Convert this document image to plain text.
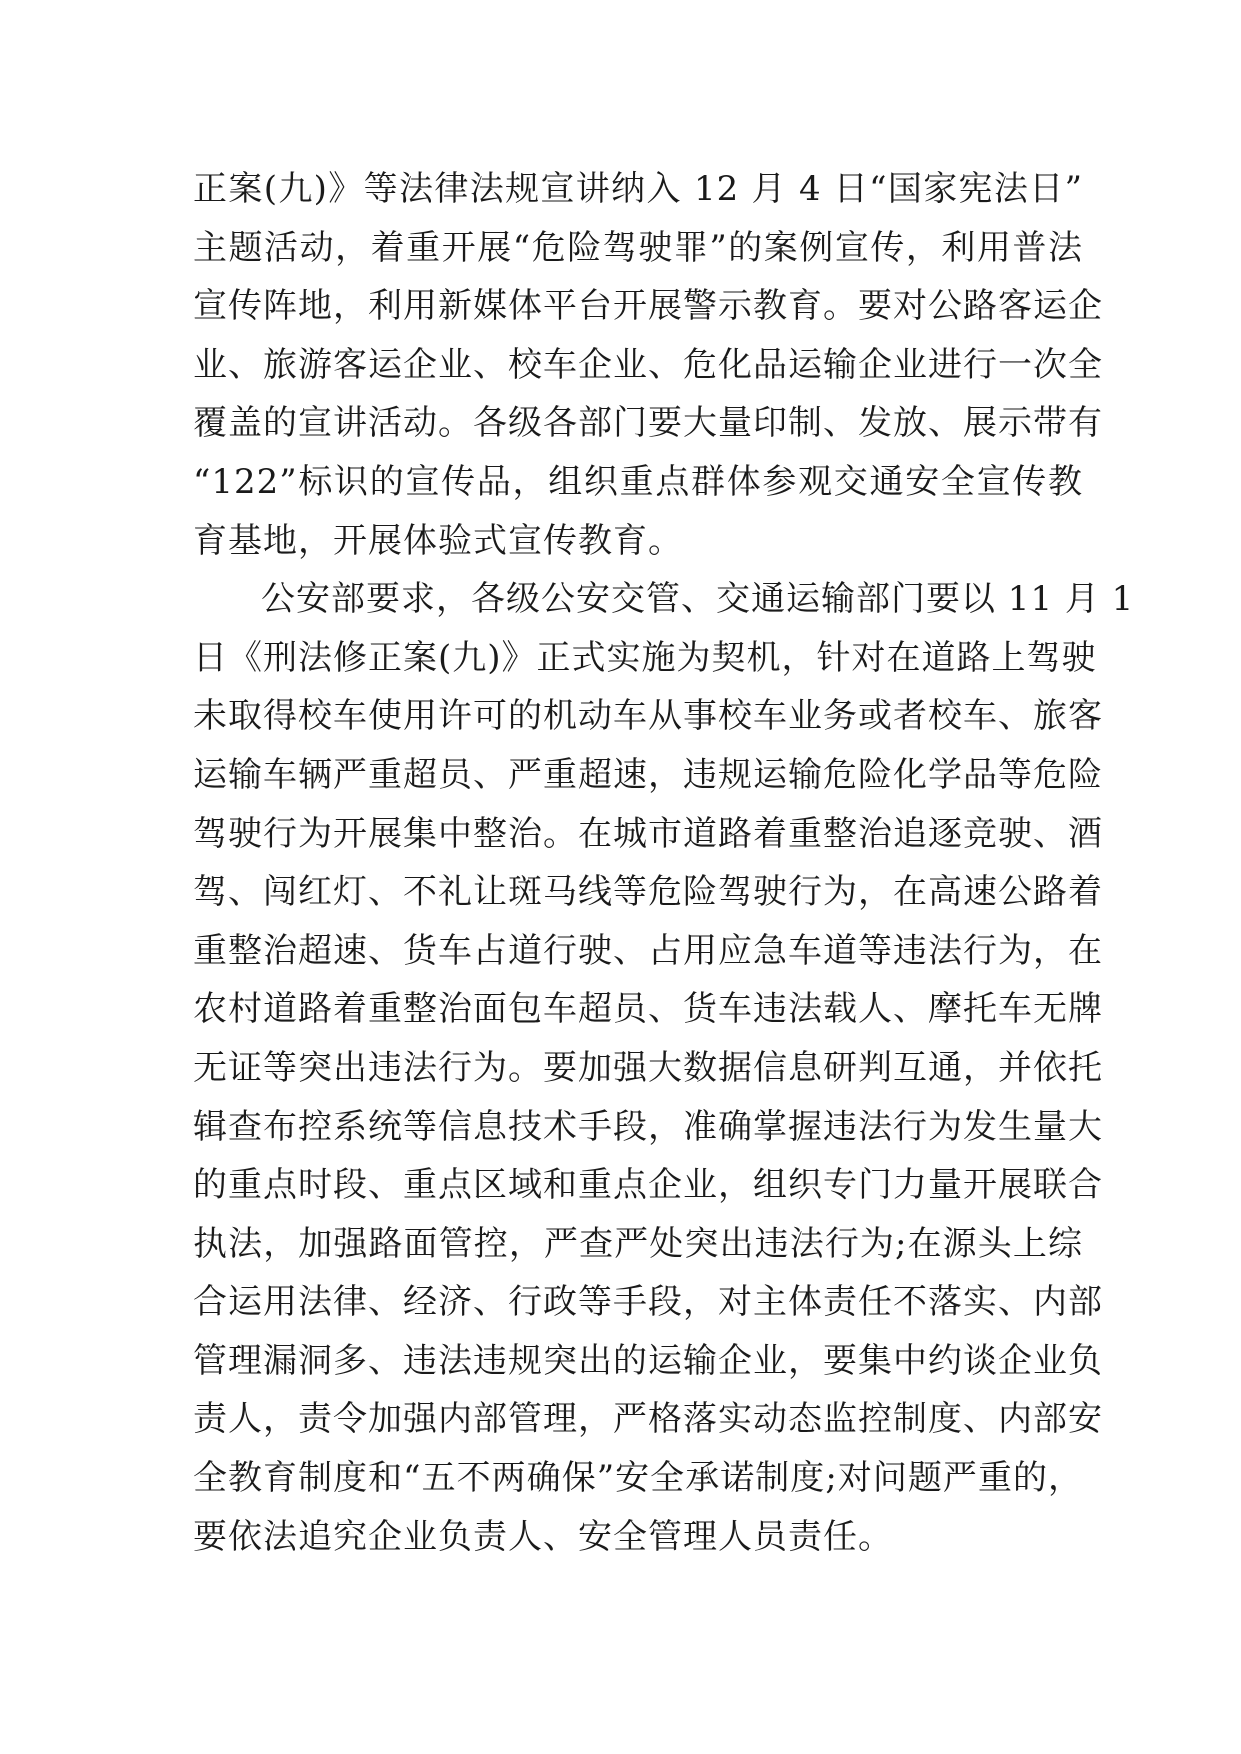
正案(九)》等法律法规宣讲纳入 12 月 4 日“国家宪法日”
主题活动，着重开展“危险驾驶罪”的案例宣传，利用普法
宣传阵地，利用新媒体平台开展警示教育。要对公路客运企
业、旅游客运企业、校车企业、危化品运输企业进行一次全
覆盖的宣讲活动。各级各部门要大量印制、发放、展示带有
“122”标识的宣传品，组织重点群体参观交通安全宣传教
育基地，开展体验式宣传教育。
公安部要求，各级公安交管、交通运输部门要以 11 月 1
日《刑法修正案(九)》正式实施为契机，针对在道路上驾驶
未取得校车使用许可的机动车从事校车业务或者校车、旅客
运输车辆严重超员、严重超速，违规运输危险化学品等危险
驾驶行为开展集中整治。在城市道路着重整治追逐竞驶、酒
驾、闯红灯、不礼让斑马线等危险驾驶行为，在高速公路着
重整治超速、货车占道行驶、占用应急车道等违法行为，在
农村道路着重整治面包车超员、货车违法载人、摩托车无牌
无证等突出违法行为。要加强大数据信息研判互通，并依托
辑查布控系统等信息技术手段，准确掌握违法行为发生量大
的重点时段、重点区域和重点企业，组织专门力量开展联合
执法，加强路面管控，严查严处突出违法行为;在源头上综
合运用法律、经济、行政等手段，对主体责任不落实、内部
管理漏洞多、违法违规突出的运输企业，要集中约谈企业负
责人，责令加强内部管理，严格落实动态监控制度、内部安
全教育制度和“五不两确保”安全承诺制度;对问题严重的，
要依法追究企业负责人、安全管理人员责任。
